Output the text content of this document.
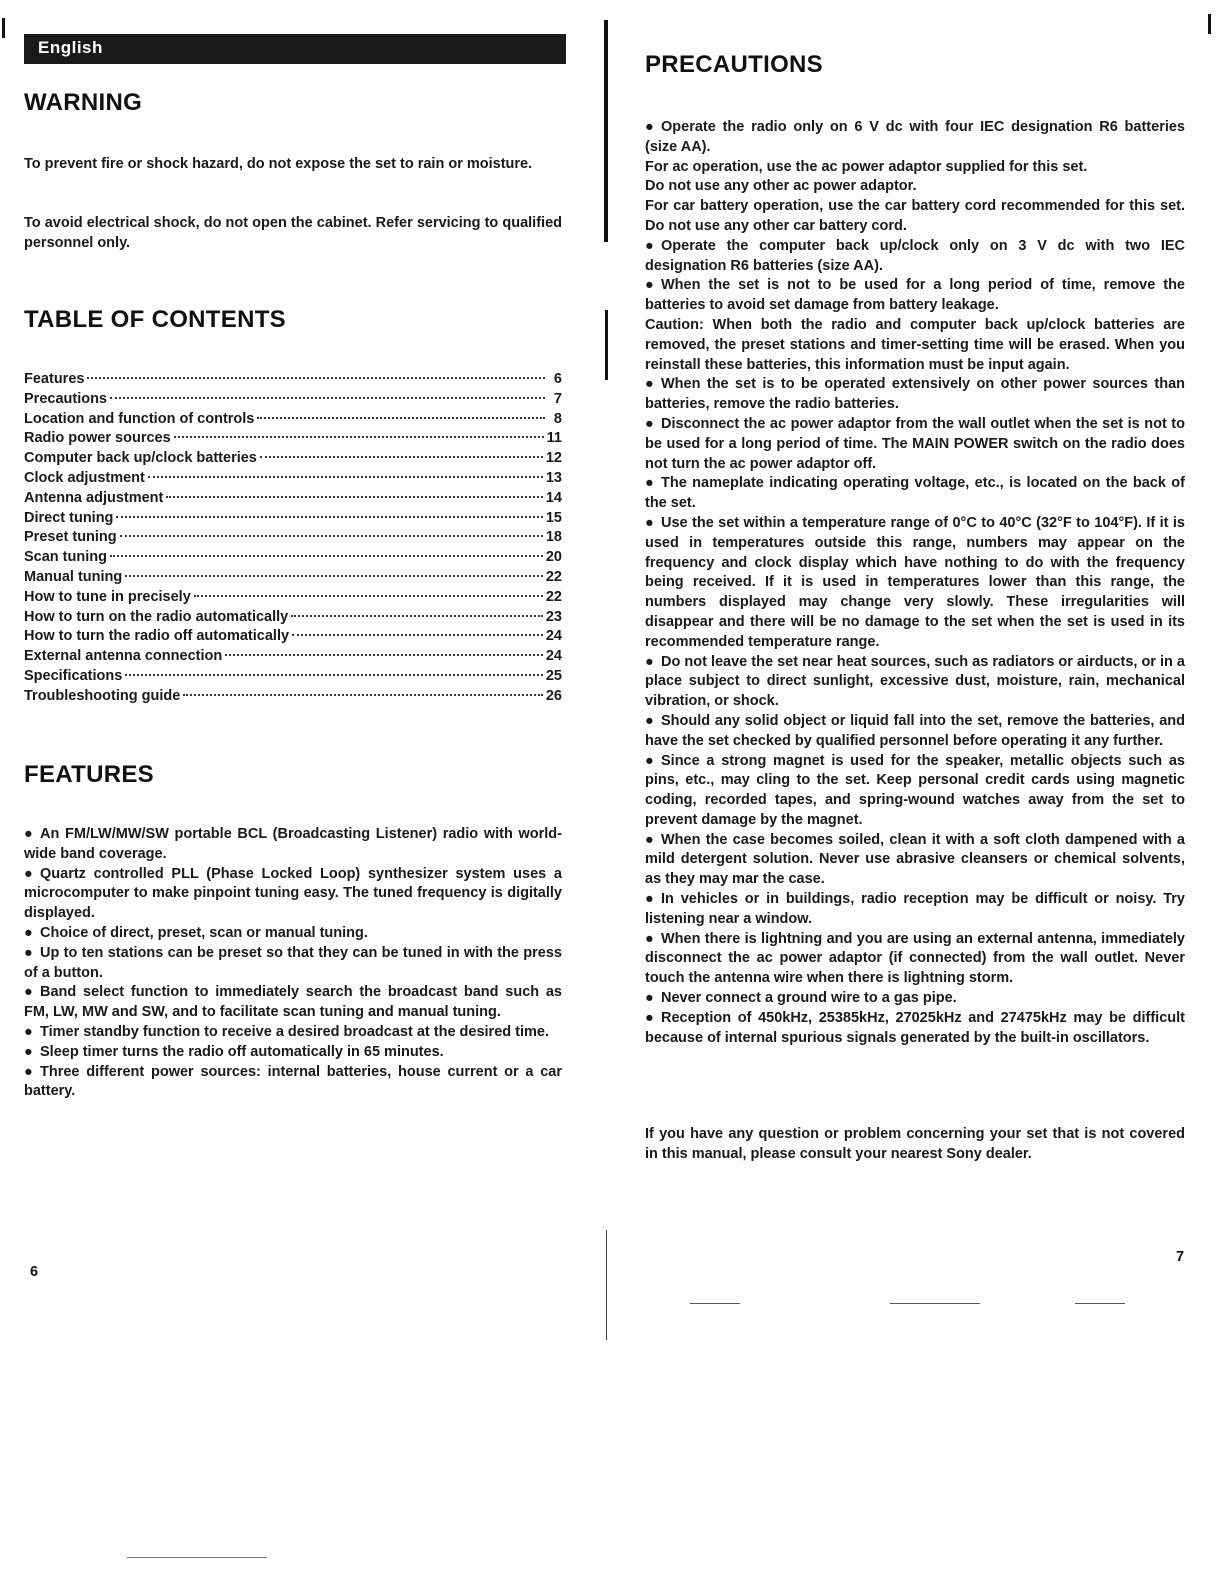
English
WARNING

To prevent fire or shock hazard, do not expose the set to rain or moisture.

To avoid electrical shock, do not open the cabinet. Refer servicing to qualified personnel only.

TABLE OF CONTENTS
Features	6
Precautions	7
Location and function of controls	8
Radio power sources	11
Computer back up/clock batteries	12
Clock adjustment	13
Antenna adjustment	14
Direct tuning	15
Preset tuning	18
Scan tuning	20
Manual tuning	22
How to tune in precisely	22
How to turn on the radio automatically	23
How to turn the radio off automatically	24
External antenna connection	24
Specifications	25
Troubleshooting guide	26
FEATURES
● An FM/LW/MW/SW portable BCL (Broadcasting Listener) radio with world-wide band coverage.
● Quartz controlled PLL (Phase Locked Loop) synthesizer system uses a microcomputer to make pinpoint tuning easy. The tuned frequency is digitally displayed.
● Choice of direct, preset, scan or manual tuning.
● Up to ten stations can be preset so that they can be tuned in with the press of a button.
● Band select function to immediately search the broadcast band such as FM, LW, MW and SW, and to facilitate scan tuning and manual tuning.
● Timer standby function to receive a desired broadcast at the desired time.
● Sleep timer turns the radio off automatically in 65 minutes.
● Three different power sources: internal batteries, house current or a car battery.
6
PRECAUTIONS
● Operate the radio only on 6 V dc with four IEC designation R6 batteries (size AA).
For ac operation, use the ac power adaptor supplied for this set.
Do not use any other ac power adaptor.
For car battery operation, use the car battery cord recommended for this set. Do not use any other car battery cord.
● Operate the computer back up/clock only on 3 V dc with two IEC designation R6 batteries (size AA).
● When the set is not to be used for a long period of time, remove the batteries to avoid set damage from battery leakage.
Caution: When both the radio and computer back up/clock batteries are removed, the preset stations and timer-setting time will be erased. When you reinstall these batteries, this information must be input again.
● When the set is to be operated extensively on other power sources than batteries, remove the radio batteries.
● Disconnect the ac power adaptor from the wall outlet when the set is not to be used for a long period of time. The MAIN POWER switch on the radio does not turn the ac power adaptor off.
● The nameplate indicating operating voltage, etc., is located on the back of the set.
● Use the set within a temperature range of 0°C to 40°C (32°F to 104°F). If it is used in temperatures outside this range, numbers may appear on the frequency and clock display which have nothing to do with the frequency being received. If it is used in temperatures lower than this range, the numbers displayed may change very slowly. These irregularities will disappear and there will be no damage to the set when the set is used in its recommended temperature range.
● Do not leave the set near heat sources, such as radiators or airducts, or in a place subject to direct sunlight, excessive dust, moisture, rain, mechanical vibration, or shock.
● Should any solid object or liquid fall into the set, remove the batteries, and have the set checked by qualified personnel before operating it any further.
● Since a strong magnet is used for the speaker, metallic objects such as pins, etc., may cling to the set. Keep personal credit cards using magnetic coding, recorded tapes, and spring-wound watches away from the set to prevent damage by the magnet.
● When the case becomes soiled, clean it with a soft cloth dampened with a mild detergent solution. Never use abrasive cleansers or chemical solvents, as they may mar the case.
● In vehicles or in buildings, radio reception may be difficult or noisy. Try listening near a window.
● When there is lightning and you are using an external antenna, immediately disconnect the ac power adaptor (if connected) from the wall outlet. Never touch the antenna wire when there is lightning storm.
● Never connect a ground wire to a gas pipe.
● Reception of 450kHz, 25385kHz, 27025kHz and 27475kHz may be difficult because of internal spurious signals generated by the built-in oscillators.

If you have any question or problem concerning your set that is not covered in this manual, please consult your nearest Sony dealer.

7
